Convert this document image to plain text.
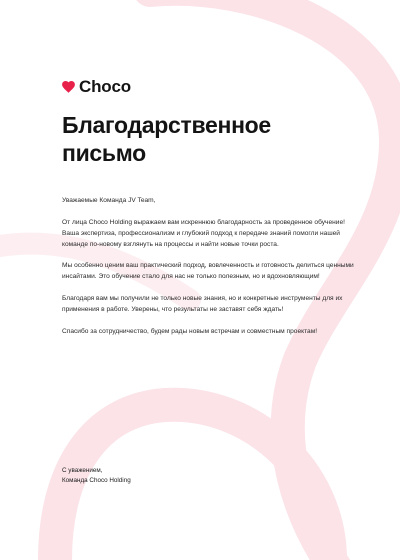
Choco
Благодарственное письмо

Уважаемые Команда JV Team,

От лица Choco Holding выражаем вам искреннюю благодарность за проведенное обучение! Ваша экспертиза, профессионализм и глубокий подход к передаче знаний помогли нашей команде по-новому взглянуть на процессы и найти новые точки роста.

Мы особенно ценим ваш практический подход, вовлеченность и готовность делиться ценными инсайтами. Это обучение стало для нас не только полезным, но и вдохновляющим!

Благодаря вам мы получили не только новые знания, но и конкретные инструменты для их применения в работе. Уверены, что результаты не заставят себя ждать!

Спасибо за сотрудничество, будем рады новым встречам и совместным проектам!

С уважением,
Команда Choco Holding
